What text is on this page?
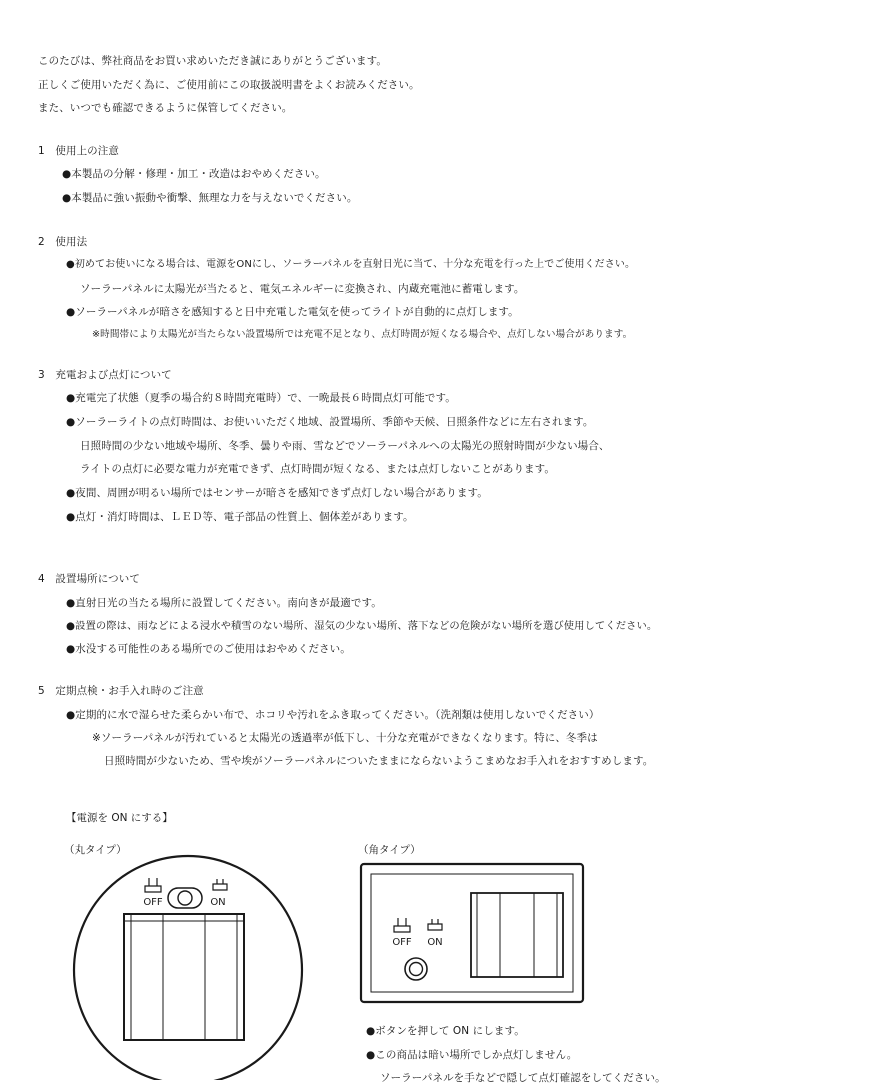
このたびは、弊社商品をお買い求めいただき誠にありがとうございます。
正しくご使用いただく為に、ご使用前にこの取扱説明書をよくお読みください。
また、いつでも確認できるように保管してください。
1　使用上の注意
●本製品の分解・修理・加工・改造はおやめください。
●本製品に強い振動や衝撃、無理な力を与えないでください。
2　使用法
●初めてお使いになる場合は、電源をONにし、ソーラーパネルを直射日光に当て、十分な充電を行った上でご使用ください。
ソーラーパネルに太陽光が当たると、電気エネルギーに変換され、内蔵充電池に蓄電します。
●ソーラーパネルが暗さを感知すると日中充電した電気を使ってライトが自動的に点灯します。
※時間帯により太陽光が当たらない設置場所では充電不足となり、点灯時間が短くなる場合や、点灯しない場合があります。
3　充電および点灯について
●充電完了状態（夏季の場合約８時間充電時）で、一晩最長６時間点灯可能です。
●ソーラーライトの点灯時間は、お使いいただく地域、設置場所、季節や天候、日照条件などに左右されます。
日照時間の少ない地域や場所、冬季、曇りや雨、雪などでソーラーパネルへの太陽光の照射時間が少ない場合、
ライトの点灯に必要な電力が充電できず、点灯時間が短くなる、または点灯しないことがあります。
●夜間、周囲が明るい場所ではセンサーが暗さを感知できず点灯しない場合があります。
●点灯・消灯時間は、ＬＥＤ等、電子部品の性質上、個体差があります。
4　設置場所について
●直射日光の当たる場所に設置してください。南向きが最適です。
●設置の際は、雨などによる浸水や積雪のない場所、湿気の少ない場所、落下などの危険がない場所を選び使用してください。
●水没する可能性のある場所でのご使用はおやめください。
5　定期点検・お手入れ時のご注意
●定期的に水で湿らせた柔らかい布で、ホコリや汚れをふき取ってください。（洗剤類は使用しないでください）
※ソーラーパネルが汚れていると太陽光の透過率が低下し、十分な充電ができなくなります。特に、冬季は
日照時間が少ないため、雪や埃がソーラーパネルについたままにならないようこまめなお手入れをおすすめします。
【電源を ON にする】
（丸タイプ）	（角タイプ）
OFF	ON
OFF	ON
●ボタンを押して ON にします。
●この商品は暗い場所でしか点灯しません。
ソーラーパネルを手などで隠して点灯確認をしてください。
